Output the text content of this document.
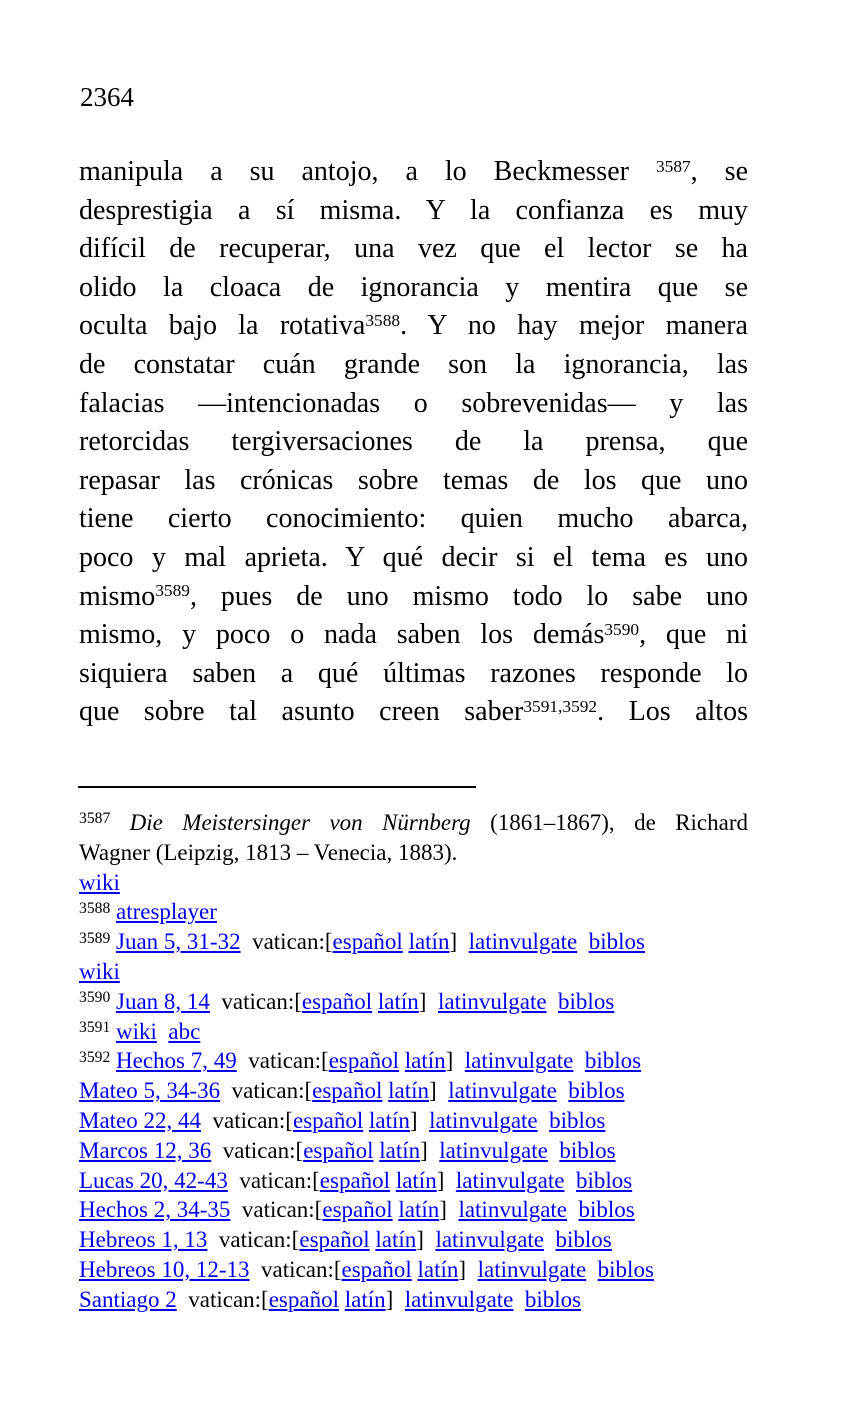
2364
manipula a su antojo, a lo Beckmesser $^{3587}$, se
desprestigia a sí misma. Y la confianza es muy
difícil de recuperar, una vez que el lector se ha
olido la cloaca de ignorancia y mentira que se
oculta bajo la rotativa$^{3588}$. Y no hay mejor manera
de constatar cuán grande son la ignorancia, las
falacias —intencionadas o sobrevenidas— y las
retorcidas tergiversaciones de la prensa, que
repasar las crónicas sobre temas de los que uno
tiene cierto conocimiento: quien mucho abarca,
poco y mal aprieta. Y qué decir si el tema es uno
mismo$^{3589}$, pues de uno mismo todo lo sabe uno
mismo, y poco o nada saben los demás$^{3590}$, que ni
siquiera saben a qué últimas razones responde lo
que sobre tal asunto creen saber$^{3591,3592}$. Los altos
$^{3587}$ Die Meistersinger von Nürnberg (1861–1867), de Richard
Wagner (Leipzig, 1813 – Venecia, 1883).
wiki
$^{3588}$ atresplayer
$^{3589}$ Juan 5, 31-32  vatican:[español latín]  latinvulgate biblos
wiki
$^{3590}$ Juan 8, 14  vatican:[español latín]  latinvulgate biblos
$^{3591}$ wiki abc
$^{3592}$ Hechos 7, 49  vatican:[español latín]  latinvulgate biblos
Mateo 5, 34-36  vatican:[español latín]  latinvulgate biblos
Mateo 22, 44  vatican:[español latín]  latinvulgate biblos
Marcos 12, 36  vatican:[español latín]  latinvulgate biblos
Lucas 20, 42-43  vatican:[español latín]  latinvulgate biblos
Hechos 2, 34-35  vatican:[español latín]  latinvulgate biblos
Hebreos 1, 13  vatican:[español latín]  latinvulgate biblos
Hebreos 10, 12-13  vatican:[español latín]  latinvulgate biblos
Santiago 2  vatican:[español latín]  latinvulgate biblos
